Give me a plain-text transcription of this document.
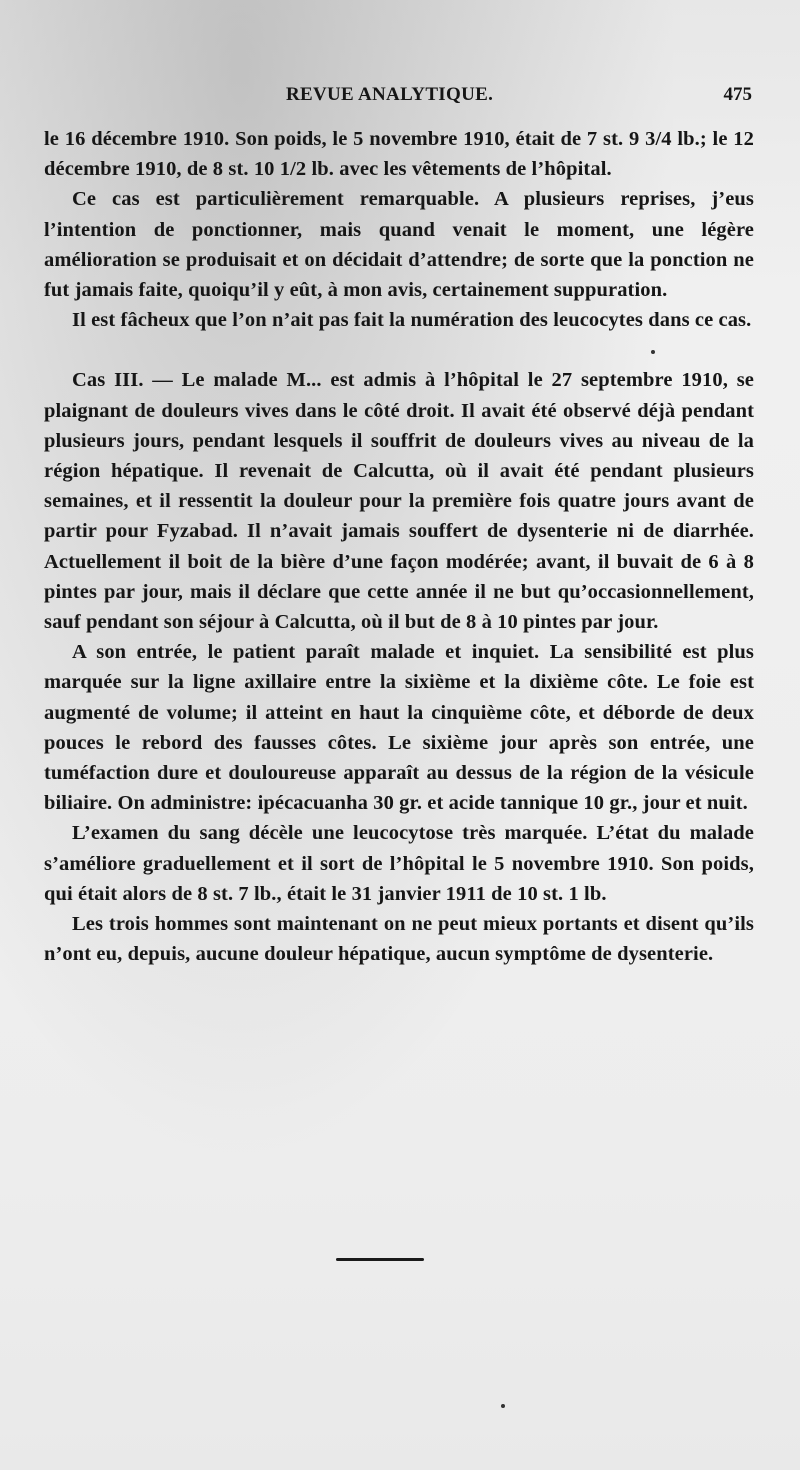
REVUE ANALYTIQUE.	475

le 16 décembre 1910. Son poids, le 5 novembre 1910, était de 7 st. 9 3/4 lb.; le 12 décembre 1910, de 8 st. 10 1/2 lb. avec les vêtements de l’hôpital.

Ce cas est particulièrement remarquable. A plusieurs reprises, j’eus l’intention de ponctionner, mais quand venait le moment, une légère amélioration se produisait et on décidait d’attendre; de sorte que la ponction ne fut jamais faite, quoiqu’il y eût, à mon avis, certainement suppuration.

Il est fâcheux que l’on n’ait pas fait la numération des leucocytes dans ce cas.

Cas III. — Le malade M... est admis à l’hôpital le 27 septembre 1910, se plaignant de douleurs vives dans le côté droit. Il avait été observé déjà pendant plusieurs jours, pendant lesquels il souffrit de douleurs vives au niveau de la région hépatique. Il revenait de Calcutta, où il avait été pendant plusieurs semaines, et il ressentit la douleur pour la première fois quatre jours avant de partir pour Fyzabad. Il n’avait jamais souffert de dysenterie ni de diarrhée. Actuellement il boit de la bière d’une façon modérée; avant, il buvait de 6 à 8 pintes par jour, mais il déclare que cette année il ne but qu’occasionnellement, sauf pendant son séjour à Calcutta, où il but de 8 à 10 pintes par jour.

A son entrée, le patient paraît malade et inquiet. La sensibilité est plus marquée sur la ligne axillaire entre la sixième et la dixième côte. Le foie est augmenté de volume; il atteint en haut la cinquième côte, et déborde de deux pouces le rebord des fausses côtes. Le sixième jour après son entrée, une tuméfaction dure et douloureuse apparaît au dessus de la région de la vésicule biliaire. On administre: ipécacuanha 30 gr. et acide tannique 10 gr., jour et nuit.

L’examen du sang décèle une leucocytose très marquée. L’état du malade s’améliore graduellement et il sort de l’hôpital le 5 novembre 1910. Son poids, qui était alors de 8 st. 7 lb., était le 31 janvier 1911 de 10 st. 1 lb.

Les trois hommes sont maintenant on ne peut mieux portants et disent qu’ils n’ont eu, depuis, aucune douleur hépatique, aucun symptôme de dysenterie.
